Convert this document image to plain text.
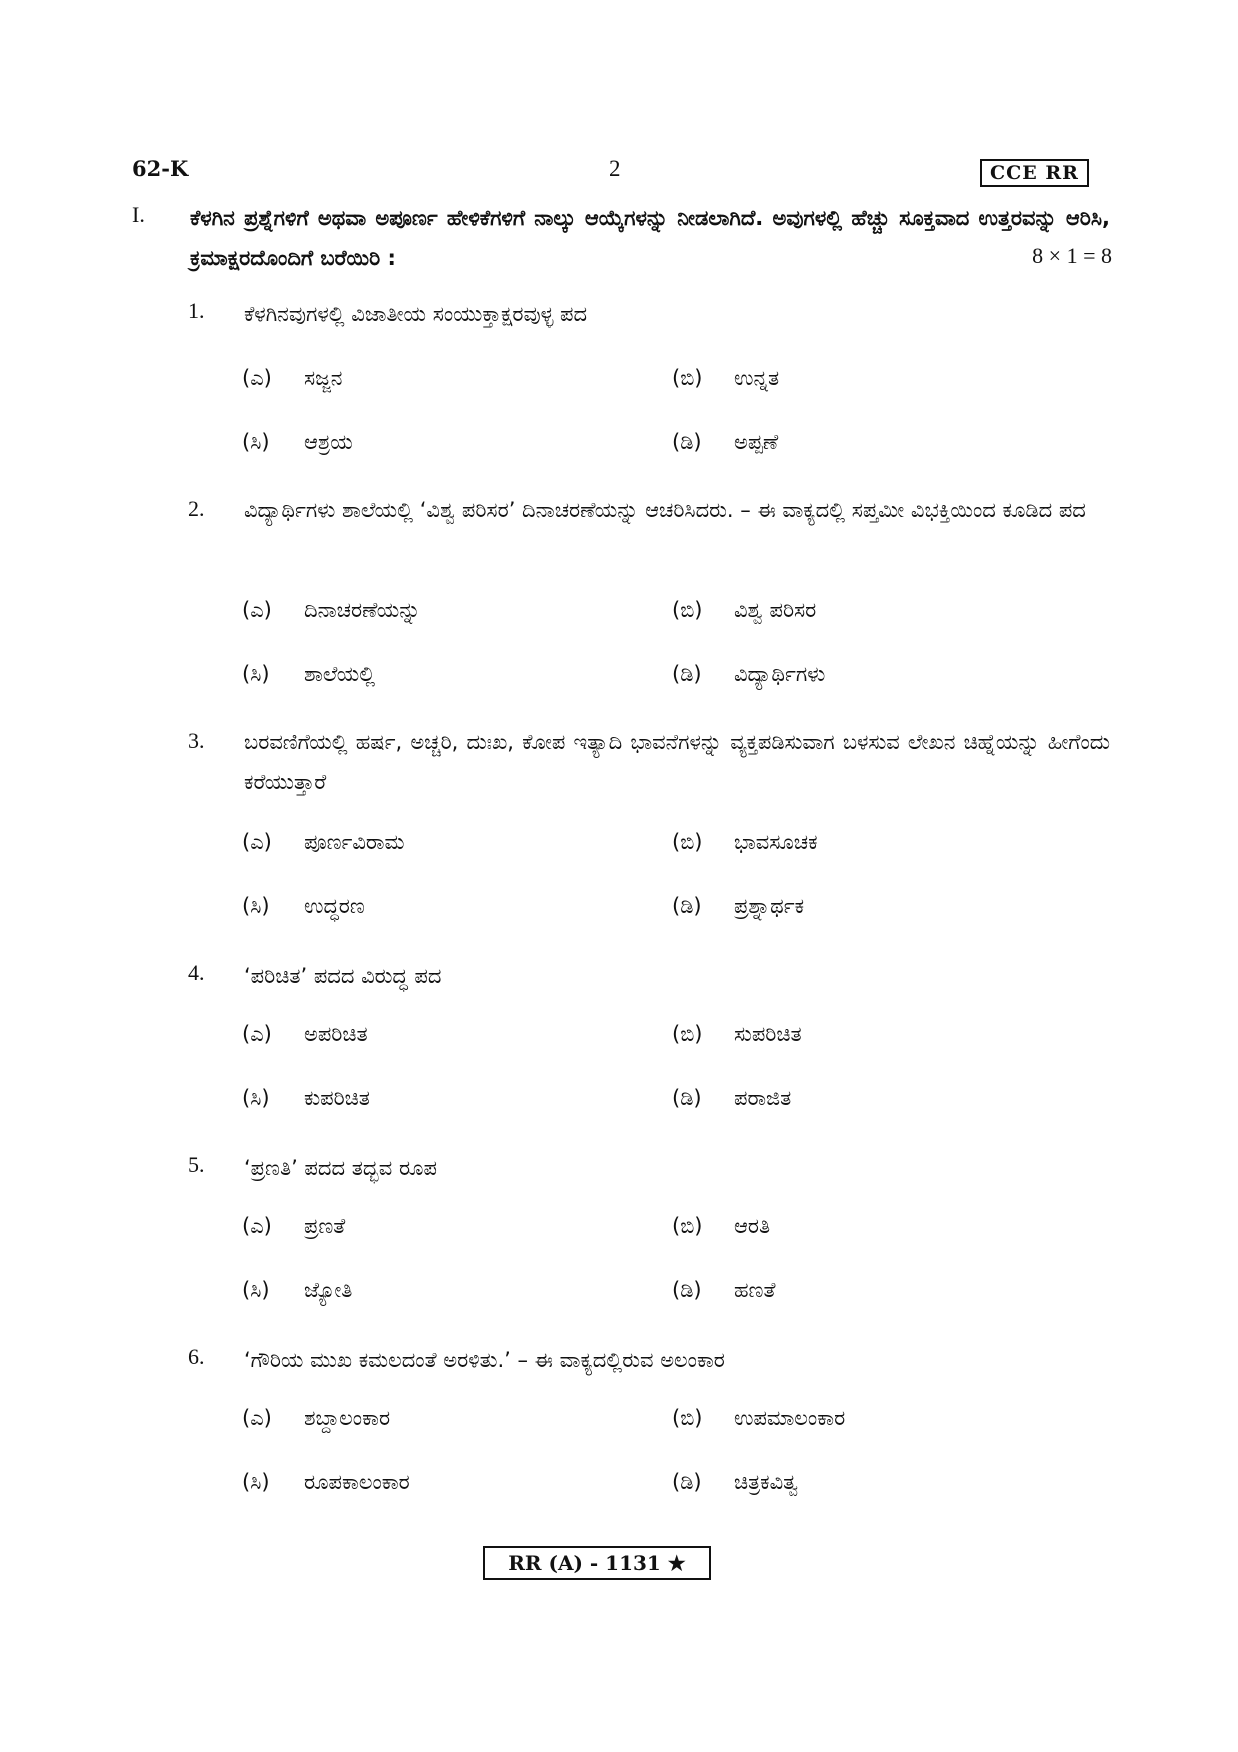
62-K	2	CCE RR
I. ಕೆಳಗಿನ ಪ್ರಶ್ನೆಗಳಿಗೆ ಅಥವಾ ಅಪೂರ್ಣ ಹೇಳಿಕೆಗಳಿಗೆ ನಾಲ್ಕು ಆಯ್ಕೆಗಳನ್ನು ನೀಡಲಾಗಿದೆ. ಅವುಗಳಲ್ಲಿ ಹೆಚ್ಚು ಸೂಕ್ತವಾದ ಉತ್ತರವನ್ನು ಆರಿಸಿ, ಕ್ರಮಾಕ್ಷರದೊಂದಿಗೆ ಬರೆಯಿರಿ :	8 × 1 = 8
1. ಕೆಳಗಿನವುಗಳಲ್ಲಿ ವಿಜಾತೀಯ ಸಂಯುಕ್ತಾಕ್ಷರವುಳ್ಳ ಪದ
(ಎ) ಸಜ್ಜನ	(ಬಿ) ಉನ್ನತ
(ಸಿ) ಆಶ್ರಯ	(ಡಿ) ಅಪ್ಪಣೆ
2. ವಿದ್ಯಾರ್ಥಿಗಳು ಶಾಲೆಯಲ್ಲಿ ‘ವಿಶ್ವ ಪರಿಸರ’ ದಿನಾಚರಣೆಯನ್ನು ಆಚರಿಸಿದರು. – ಈ ವಾಕ್ಯದಲ್ಲಿ ಸಪ್ತಮೀ ವಿಭಕ್ತಿಯಿಂದ ಕೂಡಿದ ಪದ
(ಎ) ದಿನಾಚರಣೆಯನ್ನು	(ಬಿ) ವಿಶ್ವ ಪರಿಸರ
(ಸಿ) ಶಾಲೆಯಲ್ಲಿ	(ಡಿ) ವಿದ್ಯಾರ್ಥಿಗಳು
3. ಬರವಣಿಗೆಯಲ್ಲಿ ಹರ್ಷ, ಅಚ್ಚರಿ, ದುಃಖ, ಕೋಪ ಇತ್ಯಾದಿ ಭಾವನೆಗಳನ್ನು ವ್ಯಕ್ತಪಡಿಸುವಾಗ ಬಳಸುವ ಲೇಖನ ಚಿಹ್ನೆಯನ್ನು ಹೀಗೆಂದು ಕರೆಯುತ್ತಾರೆ
(ಎ) ಪೂರ್ಣವಿರಾಮ	(ಬಿ) ಭಾವಸೂಚಕ
(ಸಿ) ಉದ್ಧರಣ	(ಡಿ) ಪ್ರಶ್ನಾರ್ಥಕ
4. ‘ಪರಿಚಿತ’ ಪದದ ವಿರುದ್ಧ ಪದ
(ಎ) ಅಪರಿಚಿತ	(ಬಿ) ಸುಪರಿಚಿತ
(ಸಿ) ಕುಪರಿಚಿತ	(ಡಿ) ಪರಾಜಿತ
5. ‘ಪ್ರಣತಿ’ ಪದದ ತದ್ಭವ ರೂಪ
(ಎ) ಪ್ರಣತೆ	(ಬಿ) ಆರತಿ
(ಸಿ) ಜ್ಯೋತಿ	(ಡಿ) ಹಣತೆ
6. ‘ಗೌರಿಯ ಮುಖ ಕಮಲದಂತೆ ಅರಳಿತು.’ – ಈ ವಾಕ್ಯದಲ್ಲಿರುವ ಅಲಂಕಾರ
(ಎ) ಶಬ್ದಾಲಂಕಾರ	(ಬಿ) ಉಪಮಾಲಂಕಾರ
(ಸಿ) ರೂಪಕಾಲಂಕಾರ	(ಡಿ) ಚಿತ್ರಕವಿತ್ವ
RR (A) - 1131 ★
